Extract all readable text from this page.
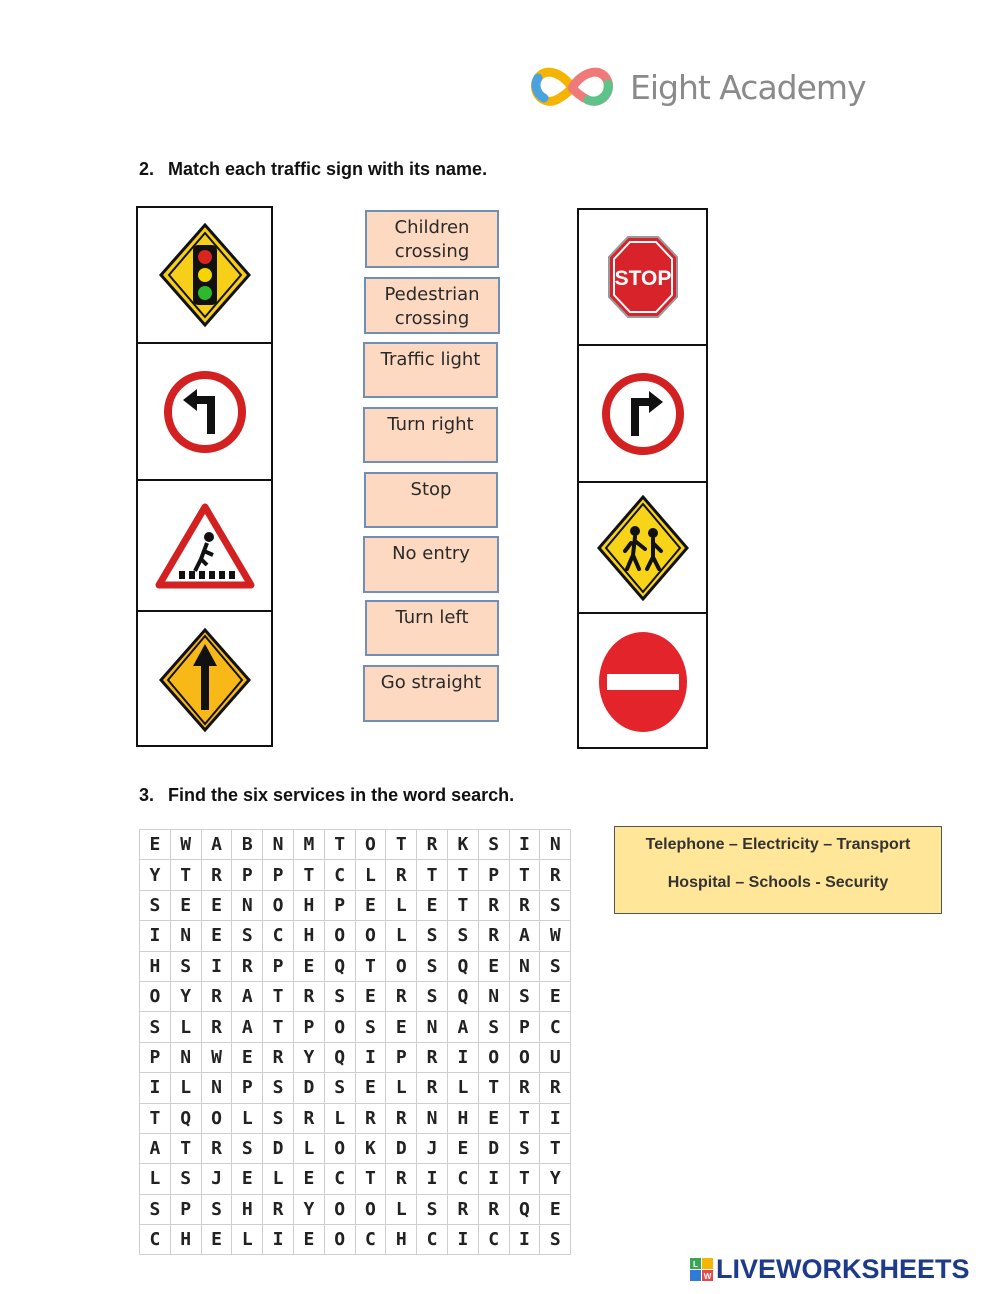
Eight Academy
2. Match each traffic sign with its name.
STOP
Children
crossing
Pedestrian
crossing
Traffic light
Turn right
Stop
No entry
Turn left
Go straight
3. Find the six services in the word search.
E	W	A	B	N	M	T	O	T	R	K	S	I	N
Y	T	R	P	P	T	C	L	R	T	T	P	T	R
S	E	E	N	O	H	P	E	L	E	T	R	R	S
I	N	E	S	C	H	O	O	L	S	S	R	A	W
H	S	I	R	P	E	Q	T	O	S	Q	E	N	S
O	Y	R	A	T	R	S	E	R	S	Q	N	S	E
S	L	R	A	T	P	O	S	E	N	A	S	P	C
P	N	W	E	R	Y	Q	I	P	R	I	O	O	U
I	L	N	P	S	D	S	E	L	R	L	T	R	R
T	Q	O	L	S	R	L	R	R	N	H	E	T	I
A	T	R	S	D	L	O	K	D	J	E	D	S	T
L	S	J	E	L	E	C	T	R	I	C	I	T	Y
S	P	S	H	R	Y	O	O	L	S	R	R	Q	E
C	H	E	L	I	E	O	C	H	C	I	C	I	S
Telephone – Electricity – Transport
Hospital – Schools - Security
L
W LIVEWORKSHEETS
